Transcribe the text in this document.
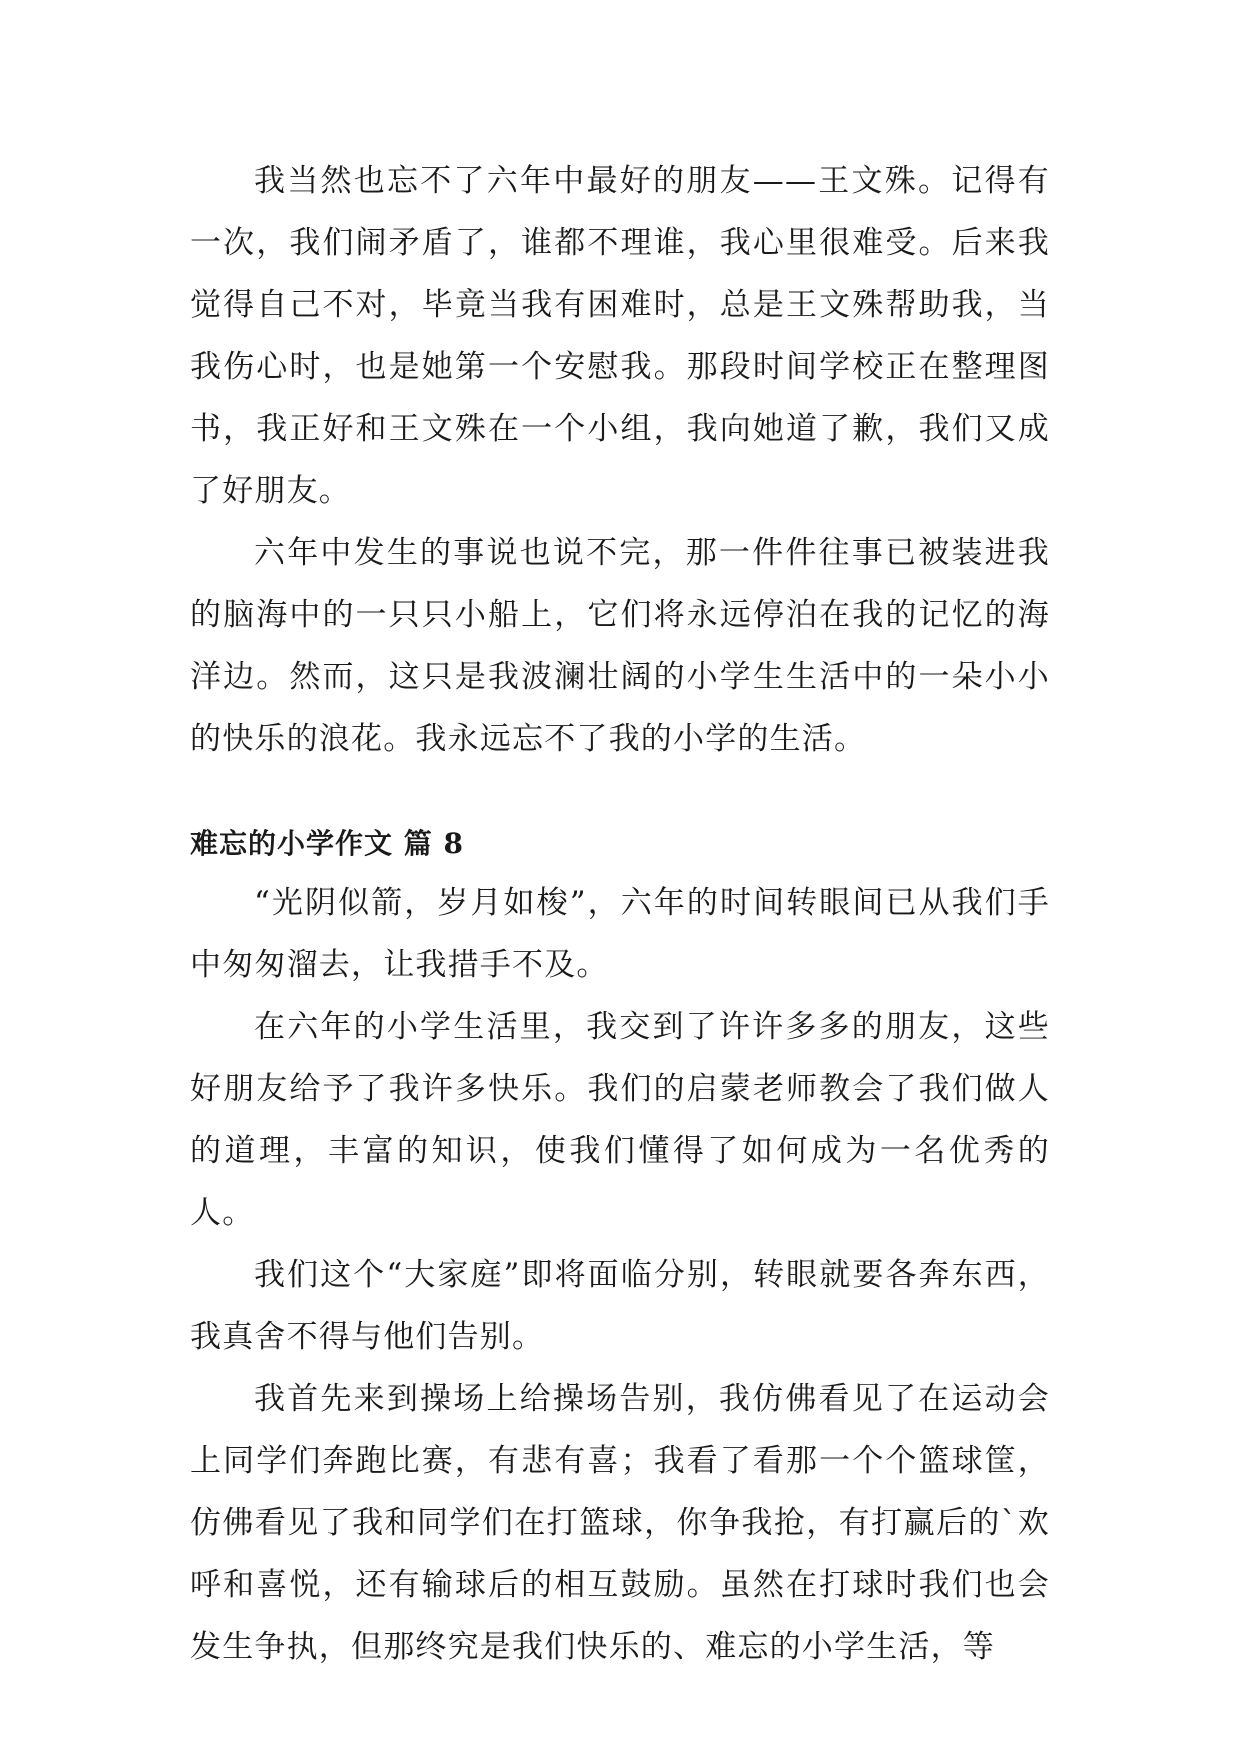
我当然也忘不了六年中最好的朋友——王文殊。记得有一次，我们闹矛盾了，谁都不理谁，我心里很难受。后来我觉得自己不对，毕竟当我有困难时，总是王文殊帮助我，当我伤心时，也是她第一个安慰我。那段时间学校正在整理图书，我正好和王文殊在一个小组，我向她道了歉，我们又成了好朋友。

六年中发生的事说也说不完，那一件件往事已被装进我的脑海中的一只只小船上，它们将永远停泊在我的记忆的海洋边。然而，这只是我波澜壮阔的小学生生活中的一朵小小的快乐的浪花。我永远忘不了我的小学的生活。

难忘的小学作文 篇 8

“光阴似箭，岁月如梭”，六年的时间转眼间已从我们手中匆匆溜去，让我措手不及。

在六年的小学生活里，我交到了许许多多的朋友，这些好朋友给予了我许多快乐。我们的启蒙老师教会了我们做人的道理，丰富的知识，使我们懂得了如何成为一名优秀的人。

我们这个“大家庭”即将面临分别，转眼就要各奔东西，我真舍不得与他们告别。

我首先来到操场上给操场告别，我仿佛看见了在运动会上同学们奔跑比赛，有悲有喜；我看了看那一个个篮球筐，仿佛看见了我和同学们在打篮球，你争我抢，有打赢后的`欢呼和喜悦，还有输球后的相互鼓励。虽然在打球时我们也会发生争执，但那终究是我们快乐的、难忘的小学生活，等
